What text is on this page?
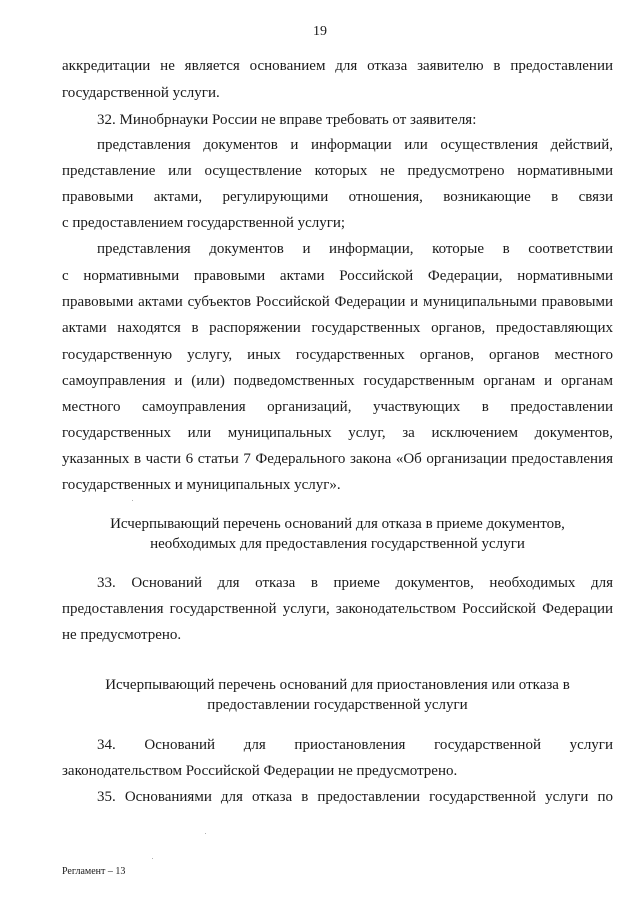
19
аккредитации не является основанием для отказа заявителю в предоставлении
государственной услуги.
32. Минобрнауки России не вправе требовать от заявителя:
представления документов и информации или осуществления действий,
представление или осуществление которых не предусмотрено нормативными
правовыми актами, регулирующими отношения, возникающие в связи
с предоставлением государственной услуги;
представления документов и информации, которые в соответствии
с нормативными правовыми актами Российской Федерации, нормативными
правовыми актами субъектов Российской Федерации и муниципальными правовыми
актами находятся в распоряжении государственных органов, предоставляющих
государственную услугу, иных государственных органов, органов местного
самоуправления и (или) подведомственных государственным органам и органам
местного самоуправления организаций, участвующих в предоставлении
государственных или муниципальных услуг, за исключением документов,
указанных в части 6 статьи 7 Федерального закона «Об организации предоставления
государственных и муниципальных услуг».
Исчерпывающий перечень оснований для отказа в приеме документов,
необходимых для предоставления государственной услуги
33. Оснований для отказа в приеме документов, необходимых для
предоставления государственной услуги, законодательством Российской Федерации
не предусмотрено.
Исчерпывающий перечень оснований для приостановления или отказа в
предоставлении государственной услуги
34. Оснований для приостановления государственной услуги
законодательством Российской Федерации не предусмотрено.
35. Основаниями для отказа в предоставлении государственной услуги по
Регламент – 13
